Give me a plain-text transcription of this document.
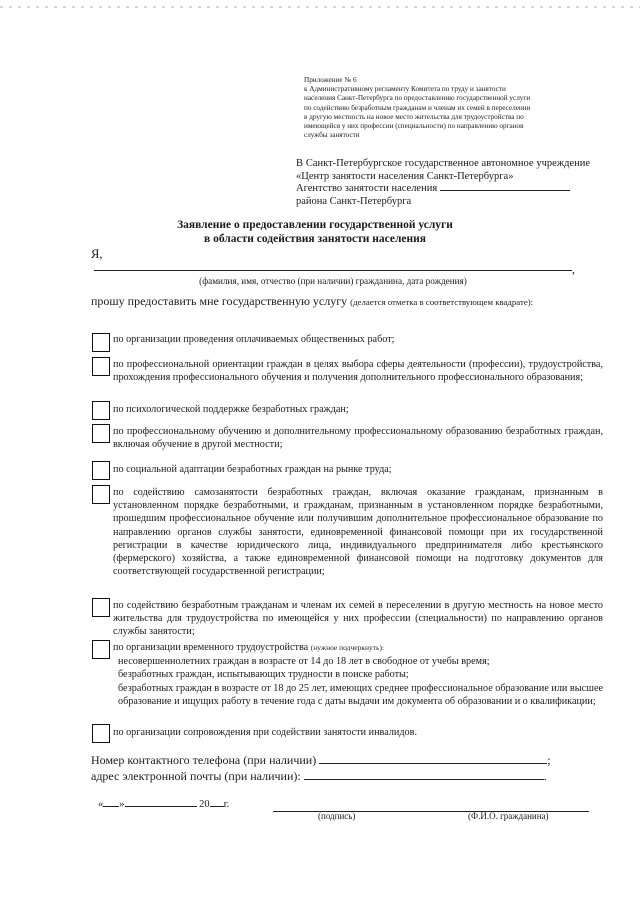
Приложение № 6
к Административному регламенту Комитета по труду и занятости
населения Санкт-Петербурга по предоставлению государственной услуги
по содействию безработным гражданам и членам их семей в переселении
в другую местность на новое место жительства для трудоустройства по
имеющейся у них профессии (специальности) по направлению органов
службы занятости

В Санкт-Петербургское государственное автономное учреждение «Центр занятости населения Санкт-Петербурга»

Агентство занятости населения
района Санкт-Петербурга
Заявление о предоставлении государственной услуги
в области содействия занятости населения
Я,
,
(фамилия, имя, отчество (при наличии) гражданина, дата рождения)
прошу предоставить мне государственную услугу (делается отметка в соответствующем квадрате):
по организации проведения оплачиваемых общественных работ;
по профессиональной ориентации граждан в целях выбора сферы деятельности (профессии), трудоустройства, прохождения профессионального обучения и получения дополнительного профессионального образования;
по психологической поддержке безработных граждан;
по профессиональному обучению и дополнительному профессиональному образованию безработных граждан, включая обучение в другой местности;
по социальной адаптации безработных граждан на рынке труда;
по содействию самозанятости безработных граждан, включая оказание гражданам, признанным в установленном порядке безработными, и гражданам, признанным в установленном порядке безработными, прошедшим профессиональное обучение или получившим дополнительное профессиональное образование по направлению органов службы занятости, единовременной финансовой помощи при их государственной регистрации в качестве юридического лица, индивидуального предпринимателя либо крестьянского (фермерского) хозяйства, а также единовременной финансовой помощи на подготовку документов для соответствующей государственной регистрации;
по содействию безработным гражданам и членам их семей в переселении в другую местность на новое место жительства для трудоустройства по имеющейся у них профессии (специальности) по направлению органов службы занятости;
по организации временного трудоустройства (нужное подчеркнуть):
несовершеннолетних граждан в возрасте от 14 до 18 лет в свободное от учебы время;
безработных граждан, испытывающих трудности в поиске работы;
безработных граждан в возрасте от 18 до 25 лет, имеющих среднее профессиональное образование или высшее образование и ищущих работу в течение года с даты выдачи им документа об образовании и о квалификации;
по организации сопровождения при содействии занятости инвалидов.
Номер контактного телефона (при наличии)	;
адрес электронной почты (при наличии):	.
« »	20 г.
(подпись)	(Ф.И.О. гражданина)
